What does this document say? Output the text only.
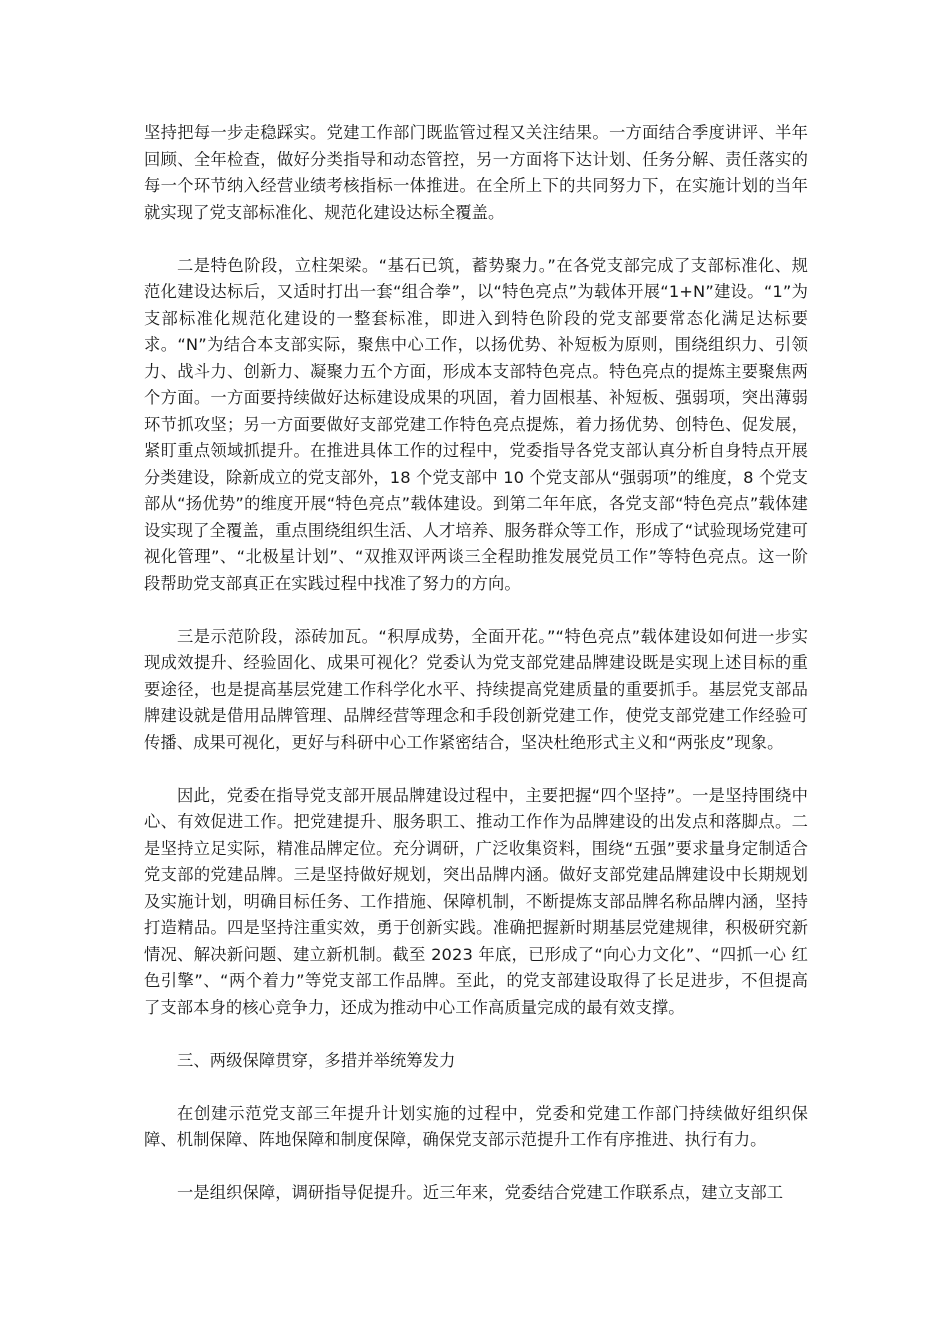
坚持把每一步走稳踩实。党建工作部门既监管过程又关注结果。一方面结合季度讲评、半年回顾、全年检查，做好分类指导和动态管控，另一方面将下达计划、任务分解、责任落实的每一个环节纳入经营业绩考核指标一体推进。在全所上下的共同努力下，在实施计划的当年就实现了党支部标准化、规范化建设达标全覆盖。

二是特色阶段，立柱架梁。“基石已筑，蓄势聚力。”在各党支部完成了支部标准化、规范化建设达标后，又适时打出一套“组合拳”，以“特色亮点”为载体开展“1+N”建设。“1”为支部标准化规范化建设的一整套标准，即进入到特色阶段的党支部要常态化满足达标要求。“N”为结合本支部实际，聚焦中心工作，以扬优势、补短板为原则，围绕组织力、引领力、战斗力、创新力、凝聚力五个方面，形成本支部特色亮点。特色亮点的提炼主要聚焦两个方面。一方面要持续做好达标建设成果的巩固，着力固根基、补短板、强弱项，突出薄弱环节抓攻坚；另一方面要做好支部党建工作特色亮点提炼，着力扬优势、创特色、促发展，紧盯重点领域抓提升。在推进具体工作的过程中，党委指导各党支部认真分析自身特点开展分类建设，除新成立的党支部外，18 个党支部中 10 个党支部从“强弱项”的维度，8 个党支部从“扬优势”的维度开展“特色亮点”载体建设。到第二年年底，各党支部“特色亮点”载体建设实现了全覆盖，重点围绕组织生活、人才培养、服务群众等工作，形成了“试验现场党建可视化管理”、“北极星计划”、“双推双评两谈三全程助推发展党员工作”等特色亮点。这一阶段帮助党支部真正在实践过程中找准了努力的方向。

三是示范阶段，添砖加瓦。“积厚成势，全面开花。”“特色亮点”载体建设如何进一步实现成效提升、经验固化、成果可视化？党委认为党支部党建品牌建设既是实现上述目标的重要途径，也是提高基层党建工作科学化水平、持续提高党建质量的重要抓手。基层党支部品牌建设就是借用品牌管理、品牌经营等理念和手段创新党建工作，使党支部党建工作经验可传播、成果可视化，更好与科研中心工作紧密结合，坚决杜绝形式主义和“两张皮”现象。

因此，党委在指导党支部开展品牌建设过程中，主要把握“四个坚持”。一是坚持围绕中心、有效促进工作。把党建提升、服务职工、推动工作作为品牌建设的出发点和落脚点。二是坚持立足实际，精准品牌定位。充分调研，广泛收集资料，围绕“五强”要求量身定制适合党支部的党建品牌。三是坚持做好规划，突出品牌内涵。做好支部党建品牌建设中长期规划及实施计划，明确目标任务、工作措施、保障机制，不断提炼支部品牌名称品牌内涵，坚持打造精品。四是坚持注重实效，勇于创新实践。准确把握新时期基层党建规律，积极研究新情况、解决新问题、建立新机制。截至 2023 年底，已形成了“向心力文化”、“四抓一心 红色引擎”、“两个着力”等党支部工作品牌。至此，的党支部建设取得了长足进步，不但提高了支部本身的核心竞争力，还成为推动中心工作高质量完成的最有效支撑。

三、两级保障贯穿，多措并举统筹发力

在创建示范党支部三年提升计划实施的过程中，党委和党建工作部门持续做好组织保障、机制保障、阵地保障和制度保障，确保党支部示范提升工作有序推进、执行有力。

一是组织保障，调研指导促提升。近三年来，党委结合党建工作联系点，建立支部工
